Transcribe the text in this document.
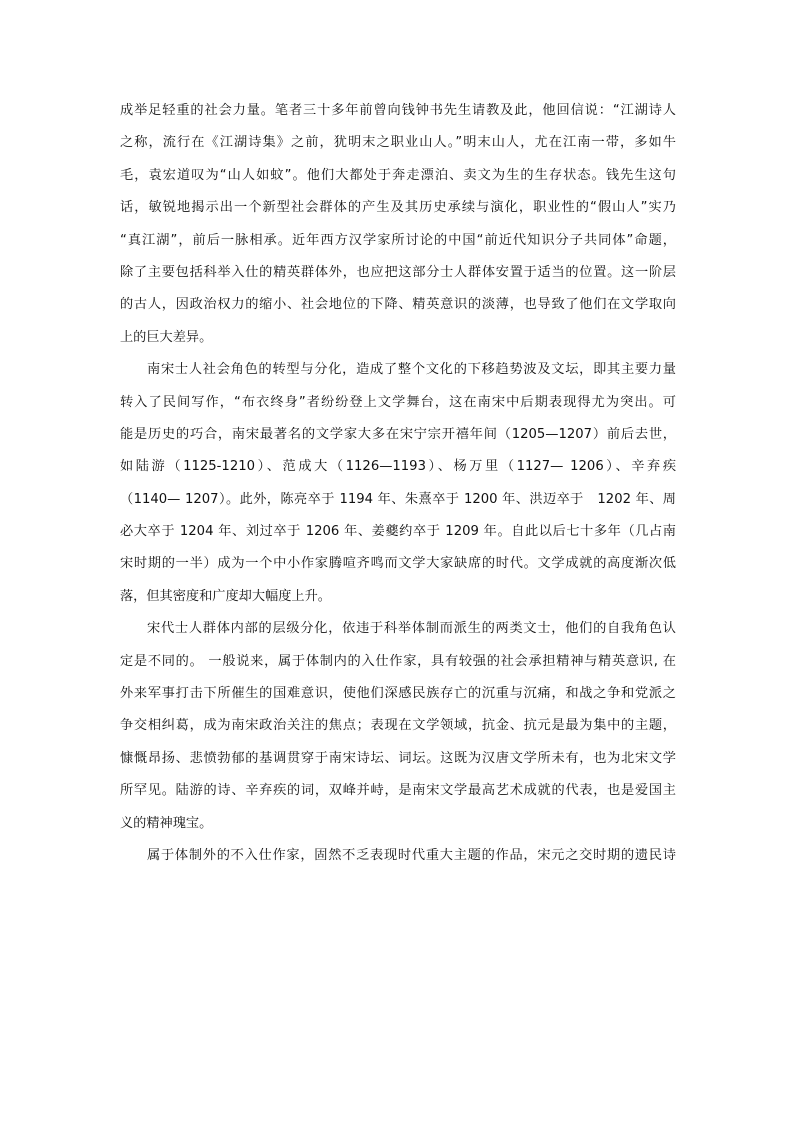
成举足轻重的社会力量。笔者三十多年前曾向钱钟书先生请教及此，他回信说：“江湖诗人
之称，流行在《江湖诗集》之前，犹明末之职业山人。”明末山人，尤在江南一带，多如牛
毛，袁宏道叹为“山人如蚊”。他们大都处于奔走漂泊、卖文为生的生存状态。钱先生这句
话，敏锐地揭示出一个新型社会群体的产生及其历史承续与演化，职业性的“假山人”实乃
“真江湖”，前后一脉相承。近年西方汉学家所讨论的中国“前近代知识分子共同体”命题，
除了主要包括科举入仕的精英群体外，也应把这部分士人群体安置于适当的位置。这一阶层
的古人，因政治权力的缩小、社会地位的下降、精英意识的淡薄，也导致了他们在文学取向
上的巨大差异。
南宋士人社会角色的转型与分化，造成了整个文化的下移趋势波及文坛，即其主要力量
转入了民间写作，“布衣终身”者纷纷登上文学舞台，这在南宋中后期表现得尤为突出。可
能是历史的巧合，南宋最著名的文学家大多在宋宁宗开禧年间（1205—1207）前后去世，
如陆游（1125-1210）、范成大（1126—1193）、杨万里（1127— 1206）、辛弃疾
（1140— 1207）。此外，陈亮卒于 1194 年、朱熹卒于 1200 年、洪迈卒于　1202 年、周
必大卒于 1204 年、刘过卒于 1206 年、姜夔约卒于 1209 年。自此以后七十多年（几占南
宋时期的一半）成为一个中小作家腾喧齐鸣而文学大家缺席的时代。文学成就的高度渐次低
落，但其密度和广度却大幅度上升。
宋代士人群体内部的层级分化，依违于科举体制而派生的两类文士，他们的自我角色认
定是不同的。 一般说来，属于体制内的入仕作家，具有较强的社会承担精神与精英意识, 在
外来军事打击下所催生的国难意识，使他们深感民族存亡的沉重与沉痛，和战之争和党派之
争交相纠葛，成为南宋政治关注的焦点；表现在文学领域，抗金、抗元是最为集中的主题，
慷慨昂扬、悲愤勃郁的基调贯穿于南宋诗坛、词坛。这既为汉唐文学所未有，也为北宋文学
所罕见。陆游的诗、辛弃疾的词，双峰并峙，是南宋文学最高艺术成就的代表，也是爱国主
义的精神瑰宝。
属于体制外的不入仕作家，固然不乏表现时代重大主题的作品，宋元之交时期的遗民诗
